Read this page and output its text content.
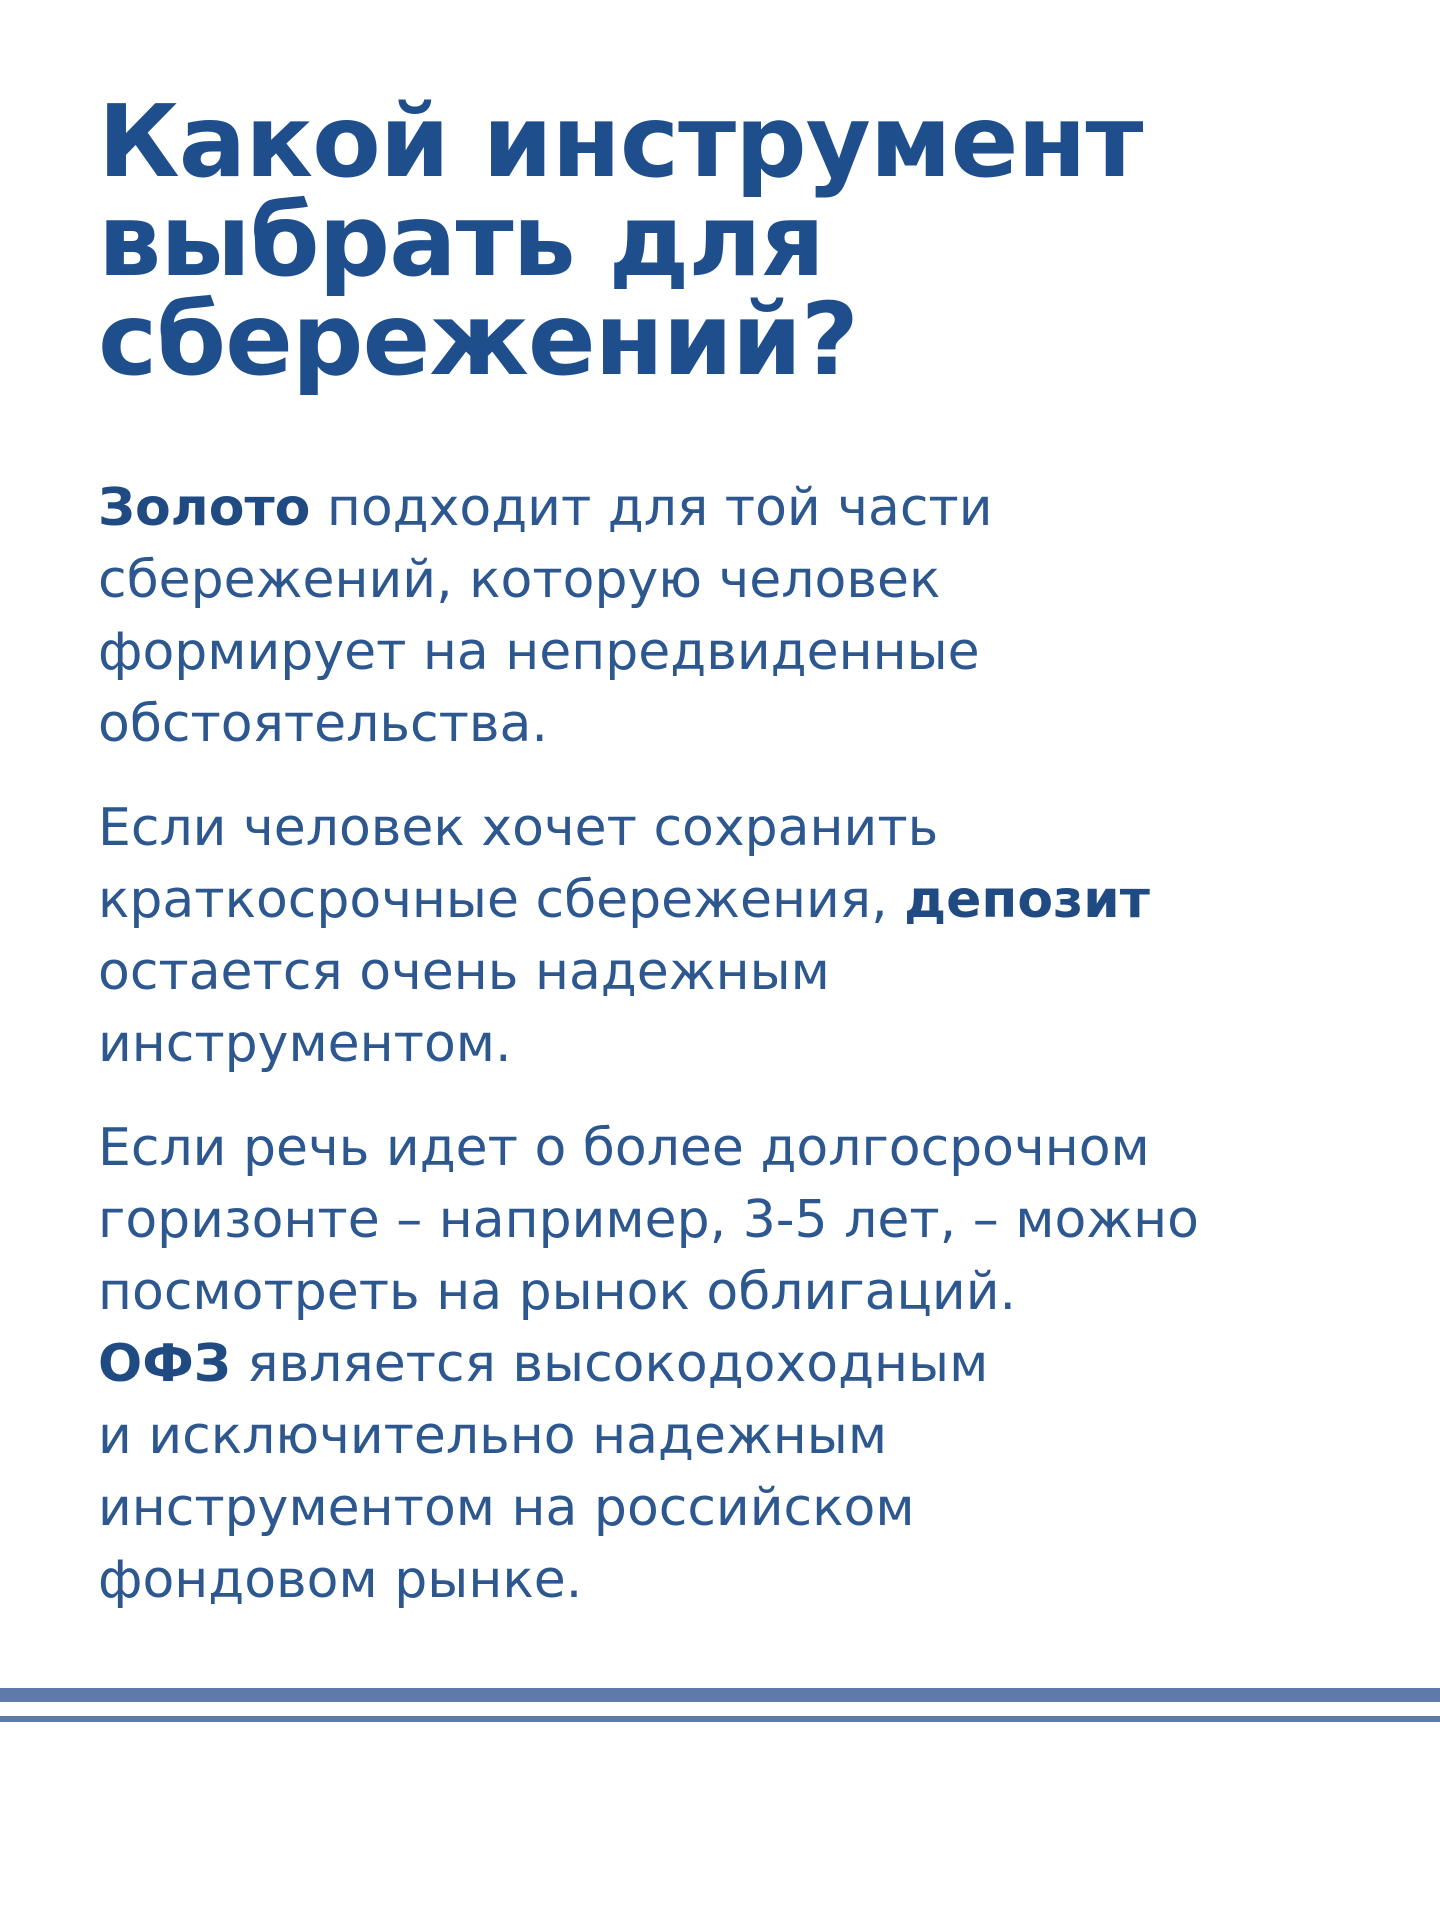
Какой инструмент
выбрать для
сбережений?

Золото подходит для той части
сбережений, которую человек
формирует на непредвиденные
обстоятельства.

Если человек хочет сохранить
краткосрочные сбережения, депозит
остается очень надежным
инструментом.

Если речь идет о более долгосрочном
горизонте – например, 3-5 лет, – можно
посмотреть на рынок облигаций.
ОФЗ является высокодоходным
и исключительно надежным
инструментом на российском
фондовом рынке.
